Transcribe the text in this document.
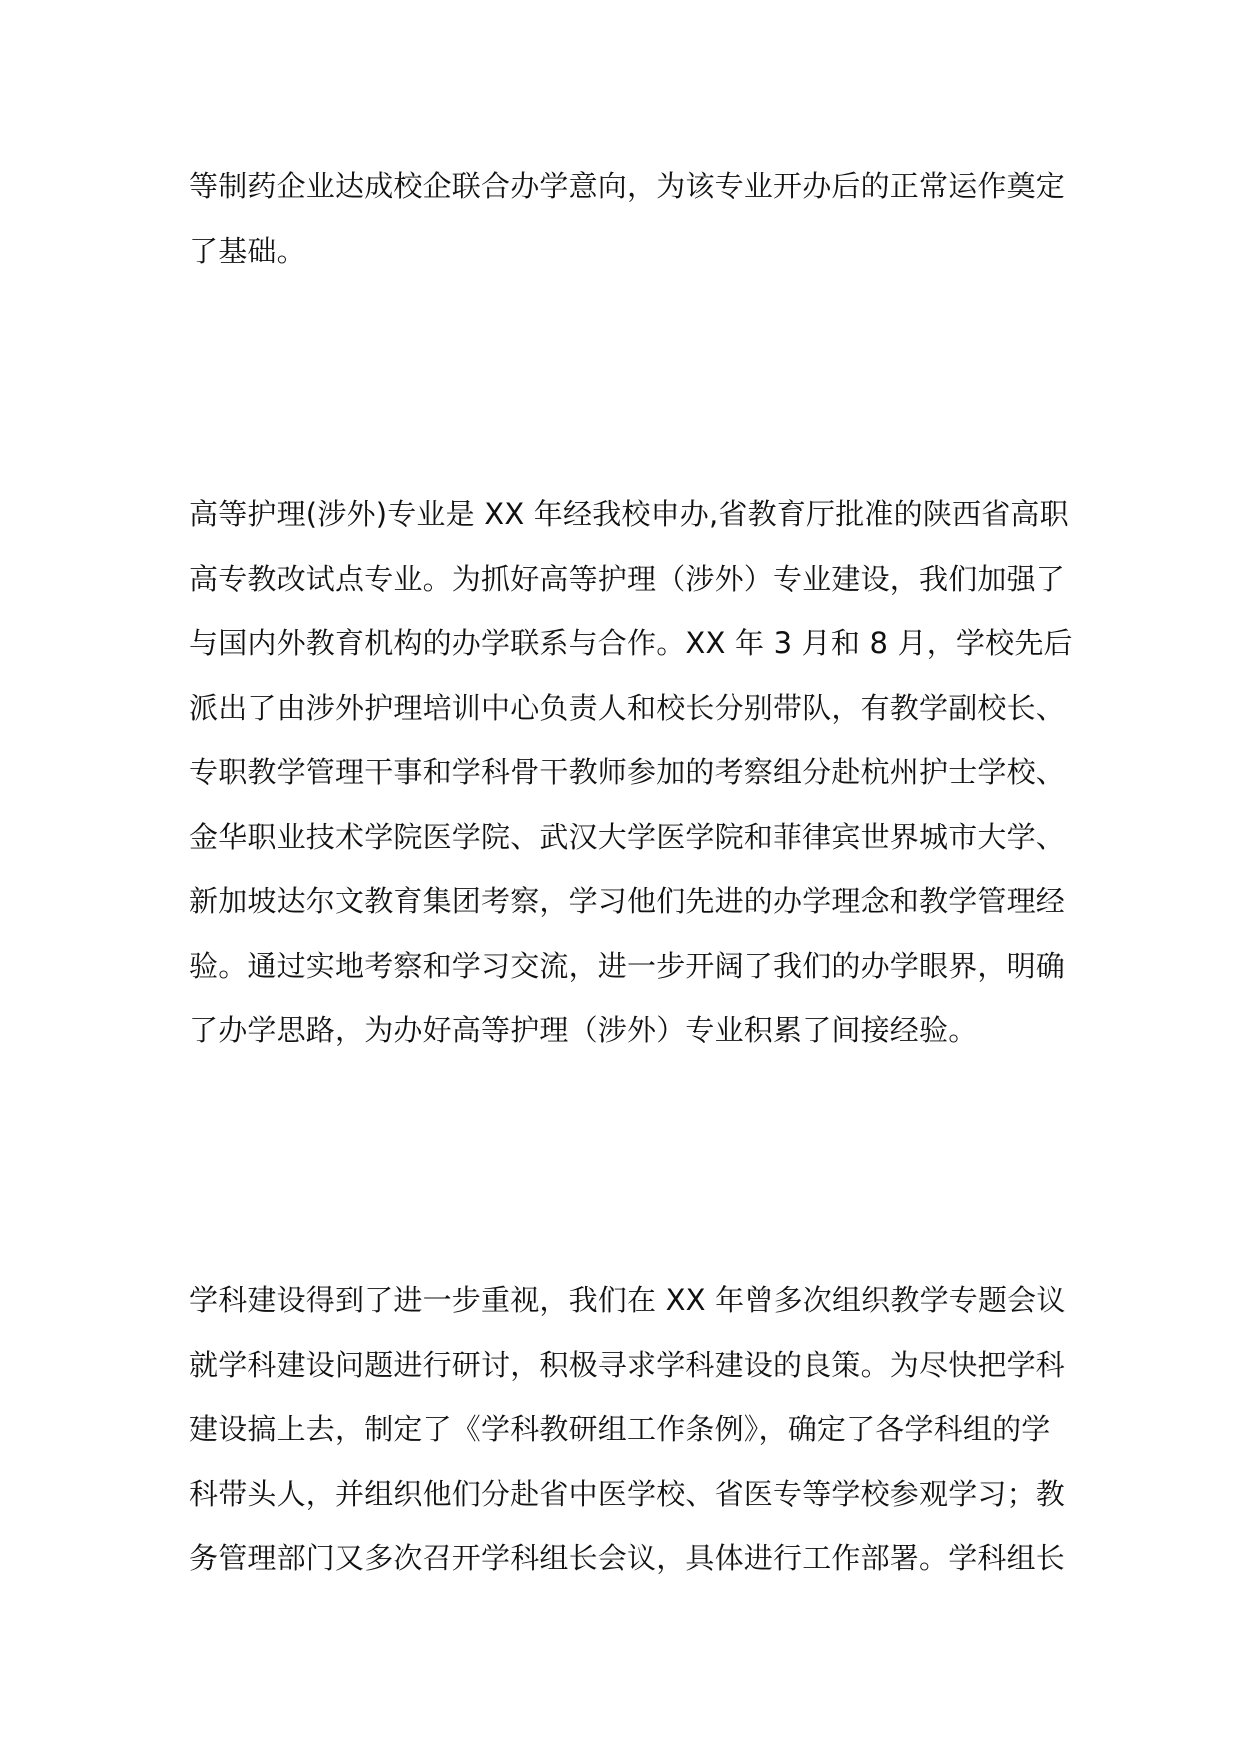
等制药企业达成校企联合办学意向，为该专业开办后的正常运作奠定
了基础。
高等护理(涉外)专业是 XX 年经我校申办,省教育厅批准的陕西省高职
高专教改试点专业。为抓好高等护理（涉外）专业建设，我们加强了
与国内外教育机构的办学联系与合作。XX 年 3 月和 8 月，学校先后
派出了由涉外护理培训中心负责人和校长分别带队，有教学副校长、
专职教学管理干事和学科骨干教师参加的考察组分赴杭州护士学校、
金华职业技术学院医学院、武汉大学医学院和菲律宾世界城市大学、
新加坡达尔文教育集团考察，学习他们先进的办学理念和教学管理经
验。通过实地考察和学习交流，进一步开阔了我们的办学眼界，明确
了办学思路，为办好高等护理（涉外）专业积累了间接经验。
学科建设得到了进一步重视，我们在 XX 年曾多次组织教学专题会议
就学科建设问题进行研讨，积极寻求学科建设的良策。为尽快把学科
建设搞上去，制定了《学科教研组工作条例》，确定了各学科组的学
科带头人，并组织他们分赴省中医学校、省医专等学校参观学习；教
务管理部门又多次召开学科组长会议，具体进行工作部署。学科组长
